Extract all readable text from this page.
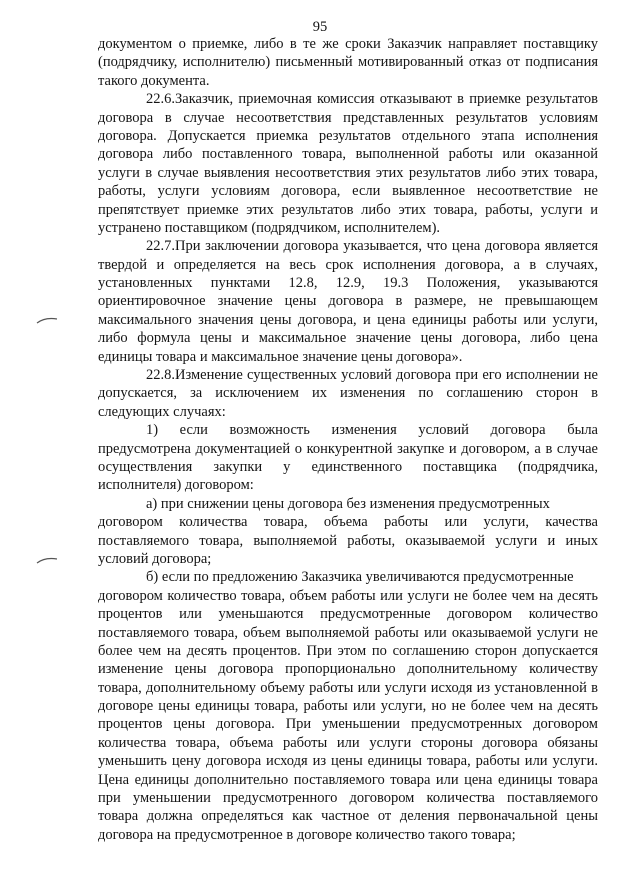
95
документом о приемке, либо в те же сроки Заказчик направляет поставщику
(подрядчику, исполнителю) письменный мотивированный отказ от подписания
такого документа.
22.6.Заказчик, приемочная комиссия отказывают в приемке результатов
договора в случае несоответствия представленных результатов условиям
договора. Допускается приемка результатов отдельного этапа исполнения
договора либо поставленного товара, выполненной работы или оказанной
услуги в случае выявления несоответствия этих результатов либо этих товара,
работы, услуги условиям договора, если выявленное несоответствие не
препятствует приемке этих результатов либо этих товара, работы, услуги и
устранено поставщиком (подрядчиком, исполнителем).
22.7.При заключении договора указывается, что цена договора является
твердой и определяется на весь срок исполнения договора, а в случаях,
установленных пунктами 12.8, 12.9, 19.3 Положения, указываются
ориентировочное значение цены договора в размере, не превышающем
максимального значения цены договора, и цена единицы работы или услуги,
либо формула цены и максимальное значение цены договора, либо цена
единицы товара и максимальное значение цены договора».
22.8.Изменение существенных условий договора при его исполнении не
допускается, за исключением их изменения по соглашению сторон в
следующих случаях:
1) если возможность изменения условий договора была
предусмотрена документацией о конкурентной закупке и договором, а в случае
осуществления закупки у единственного поставщика (подрядчика,
исполнителя) договором:
а) при снижении цены договора без изменения предусмотренных
договором количества товара, объема работы или услуги, качества
поставляемого товара, выполняемой работы, оказываемой услуги и иных
условий договора;
б) если по предложению Заказчика увеличиваются предусмотренные
договором количество товара, объем работы или услуги не более чем на десять
процентов или уменьшаются предусмотренные договором количество
поставляемого товара, объем выполняемой работы или оказываемой услуги не
более чем на десять процентов. При этом по соглашению сторон допускается
изменение цены договора пропорционально дополнительному количеству
товара, дополнительному объему работы или услуги исходя из установленной в
договоре цены единицы товара, работы или услуги, но не более чем на десять
процентов цены договора. При уменьшении предусмотренных договором
количества товара, объема работы или услуги стороны договора обязаны
уменьшить цену договора исходя из цены единицы товара, работы или услуги.
Цена единицы дополнительно поставляемого товара или цена единицы товара
при уменьшении предусмотренного договором количества поставляемого
товара должна определяться как частное от деления первоначальной цены
договора на предусмотренное в договоре количество такого товара;
